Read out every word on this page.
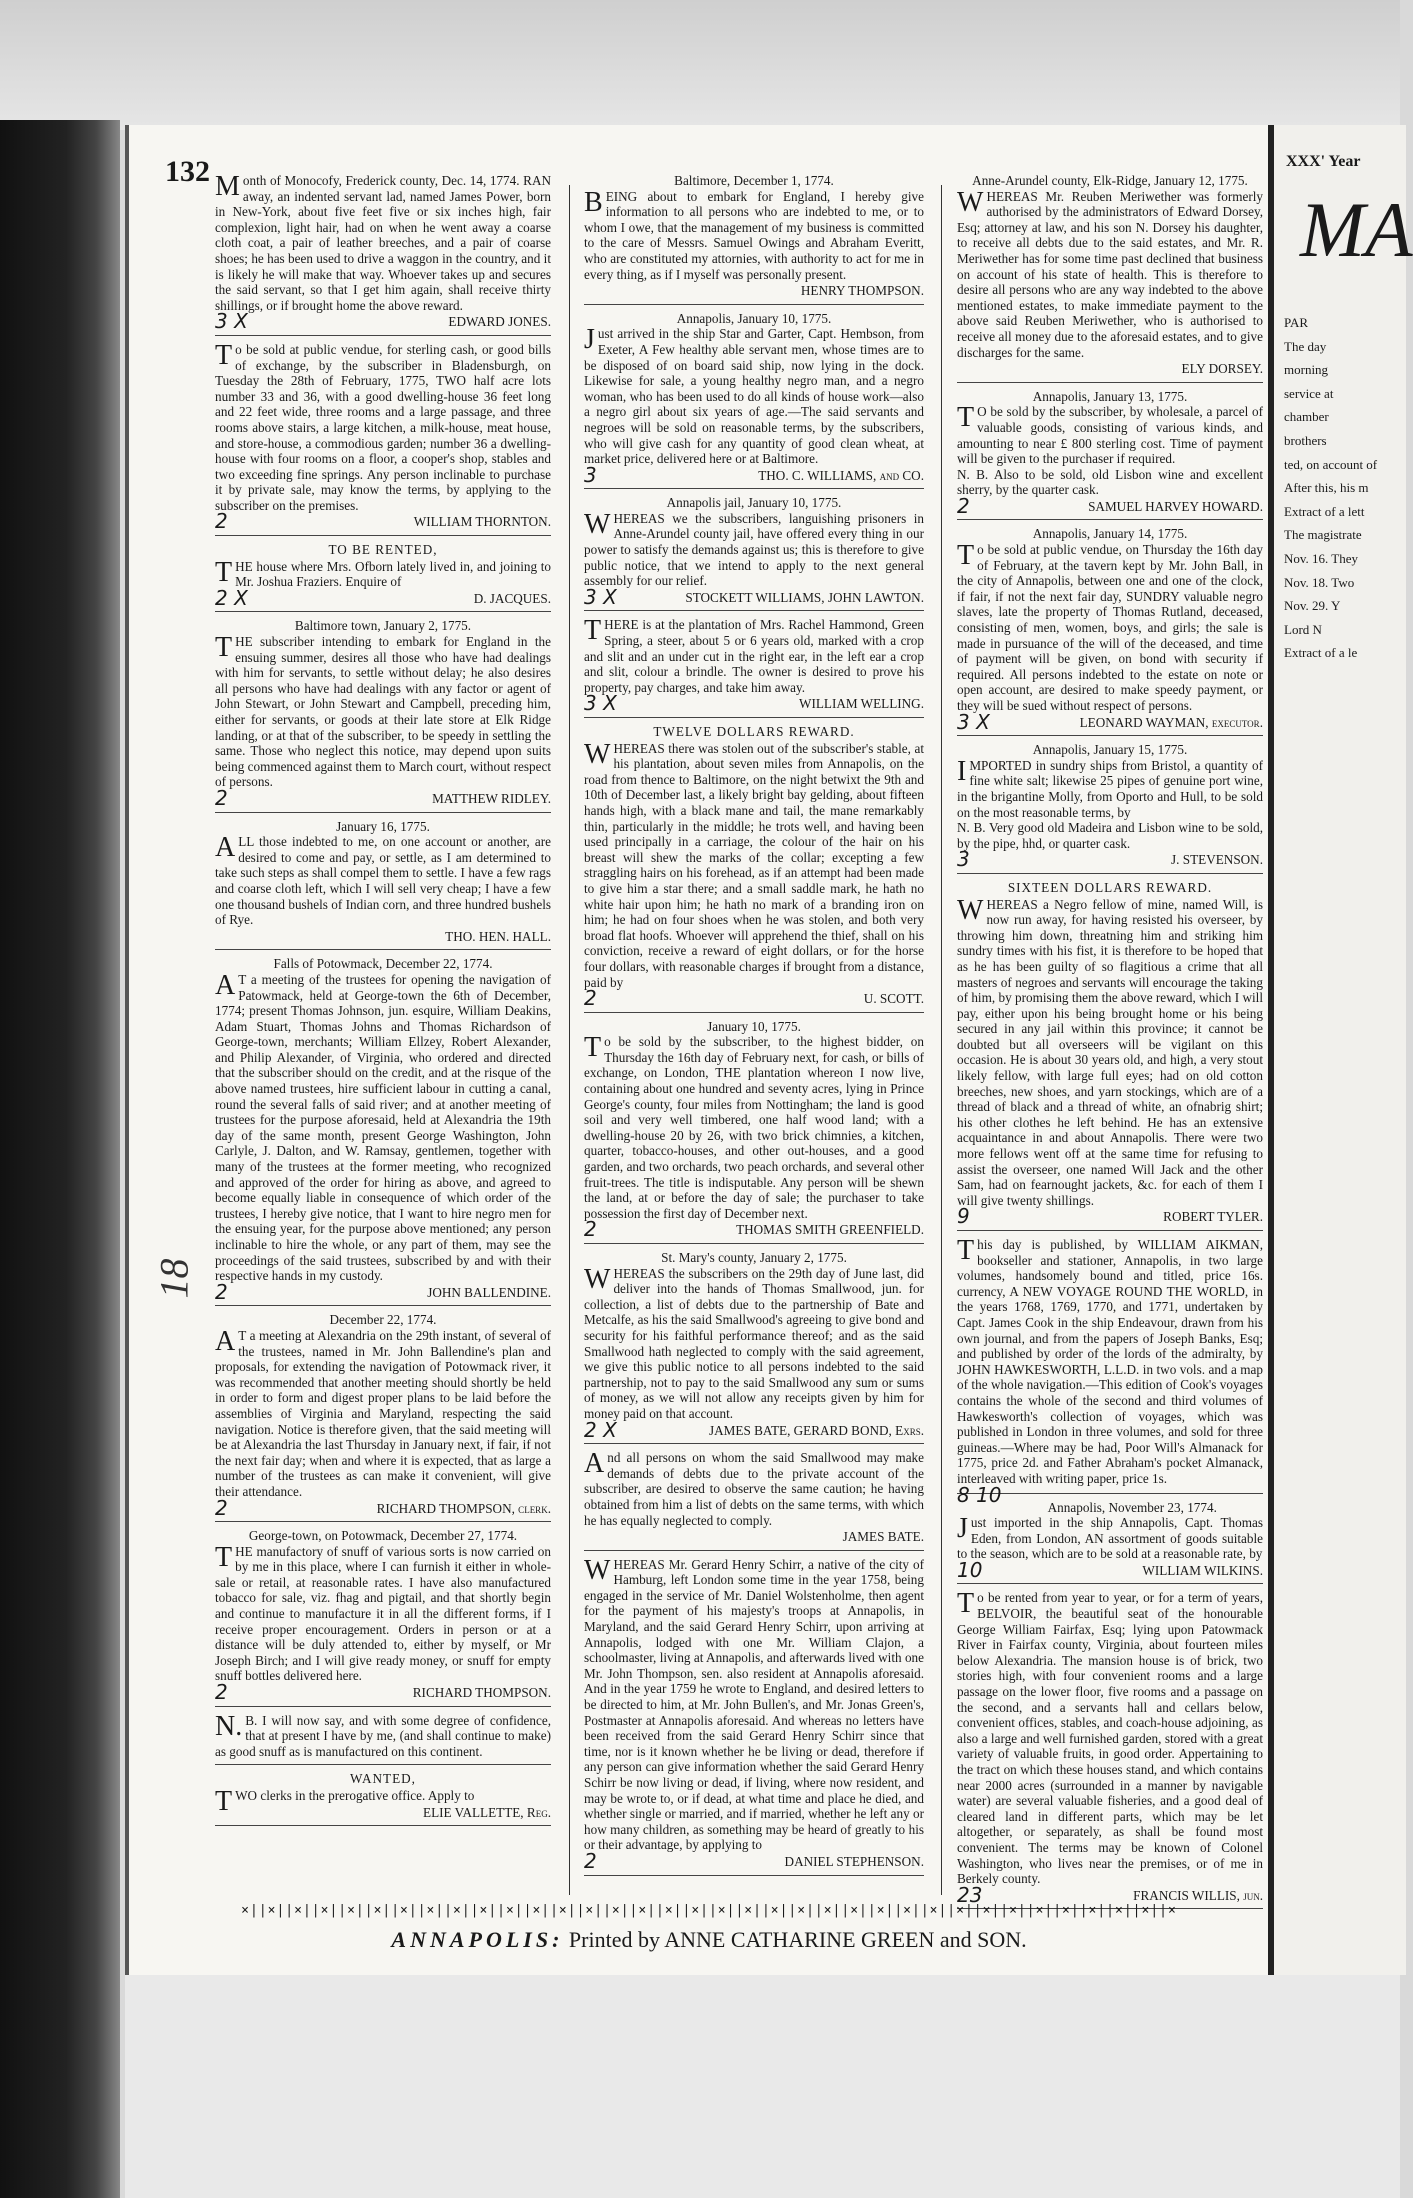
132
18

Month of Monocofy, Frederick county, Dec. 14, 1774. RAN away, an indented servant lad, named James Power, born in New-York, about five feet five or six inches high, fair complexion, light hair, had on when he went away a coarse cloth coat, a pair of leather breeches, and a pair of coarse shoes; he has been used to drive a waggon in the country, and it is likely he will make that way. Whoever takes up and secures the said servant, so that I get him again, shall receive thirty shillings, or if brought home the above reward.

3 X	EDWARD JONES.

To be sold at public vendue, for sterling cash, or good bills of exchange, by the subscriber in Bladensburgh, on Tuesday the 28th of February, 1775, TWO half acre lots number 33 and 36, with a good dwelling-house 36 feet long and 22 feet wide, three rooms and a large passage, and three rooms above stairs, a large kitchen, a milk-house, meat house, and store-house, a commodious garden; number 36 a dwelling-house with four rooms on a floor, a cooper's shop, stables and two exceeding fine springs. Any person inclinable to purchase it by private sale, may know the terms, by applying to the subscriber on the premises.

2	WILLIAM THORNTON.

TO BE RENTED,

THE house where Mrs. Ofborn lately lived in, and joining to Mr. Joshua Fraziers. Enquire of

2 X	D. JACQUES.

Baltimore town, January 2, 1775.

THE subscriber intending to embark for England in the ensuing summer, desires all those who have had dealings with him for servants, to settle without delay; he also desires all persons who have had dealings with any factor or agent of John Stewart, or John Stewart and Campbell, preceding him, either for servants, or goods at their late store at Elk Ridge landing, or at that of the subscriber, to be speedy in settling the same. Those who neglect this notice, may depend upon suits being commenced against them to March court, without respect of persons.

2	MATTHEW RIDLEY.

January 16, 1775.

ALL those indebted to me, on one account or another, are desired to come and pay, or settle, as I am determined to take such steps as shall compel them to settle. I have a few rags and coarse cloth left, which I will sell very cheap; I have a few one thousand bushels of Indian corn, and three hundred bushels of Rye.

THO. HEN. HALL.

Falls of Potowmack, December 22, 1774.

AT a meeting of the trustees for opening the navigation of Patowmack, held at George-town the 6th of December, 1774; present Thomas Johnson, jun. esquire, William Deakins, Adam Stuart, Thomas Johns and Thomas Richardson of George-town, merchants; William Ellzey, Robert Alexander, and Philip Alexander, of Virginia, who ordered and directed that the subscriber should on the credit, and at the risque of the above named trustees, hire sufficient labour in cutting a canal, round the several falls of said river; and at another meeting of trustees for the purpose aforesaid, held at Alexandria the 19th day of the same month, present George Washington, John Carlyle, J. Dalton, and W. Ramsay, gentlemen, together with many of the trustees at the former meeting, who recognized and approved of the order for hiring as above, and agreed to become equally liable in consequence of which order of the trustees, I hereby give notice, that I want to hire negro men for the ensuing year, for the purpose above mentioned; any person inclinable to hire the whole, or any part of them, may see the proceedings of the said trustees, subscribed by and with their respective hands in my custody.

2	JOHN BALLENDINE.

December 22, 1774.

AT a meeting at Alexandria on the 29th instant, of several of the trustees, named in Mr. John Ballendine's plan and proposals, for extending the navigation of Potowmack river, it was recommended that another meeting should shortly be held in order to form and digest proper plans to be laid before the assemblies of Virginia and Maryland, respecting the said navigation. Notice is therefore given, that the said meeting will be at Alexandria the last Thursday in January next, if fair, if not the next fair day; when and where it is expected, that as large a number of the trustees as can make it convenient, will give their attendance.

2	RICHARD THOMPSON, clerk.

George-town, on Potowmack, December 27, 1774.

THE manufactory of snuff of various sorts is now carried on by me in this place, where I can furnish it either in whole-sale or retail, at reasonable rates. I have also manufactured tobacco for sale, viz. fhag and pigtail, and that shortly begin and continue to manufacture it in all the different forms, if I receive proper encouragement. Orders in person or at a distance will be duly attended to, either by myself, or Mr Joseph Birch; and I will give ready money, or snuff for empty snuff bottles delivered here.

2	RICHARD THOMPSON.

N.B. I will now say, and with some degree of confidence, that at present I have by me, (and shall continue to make) as good snuff as is manufactured on this continent.

WANTED,

TWO clerks in the prerogative office. Apply to

ELIE VALLETTE, Reg.

Baltimore, December 1, 1774.

BEING about to embark for England, I hereby give information to all persons who are indebted to me, or to whom I owe, that the management of my business is committed to the care of Messrs. Samuel Owings and Abraham Everitt, who are constituted my attornies, with authority to act for me in every thing, as if I myself was personally present.

HENRY THOMPSON.

Annapolis, January 10, 1775.

Just arrived in the ship Star and Garter, Capt. Hembson, from Exeter, A Few healthy able servant men, whose times are to be disposed of on board said ship, now lying in the dock. Likewise for sale, a young healthy negro man, and a negro woman, who has been used to do all kinds of house work—also a negro girl about six years of age.—The said servants and negroes will be sold on reasonable terms, by the subscribers, who will give cash for any quantity of good clean wheat, at market price, delivered here or at Baltimore.

3	THO. C. WILLIAMS, and CO.

Annapolis jail, January 10, 1775.

WHEREAS we the subscribers, languishing prisoners in Anne-Arundel county jail, have offered every thing in our power to satisfy the demands against us; this is therefore to give public notice, that we intend to apply to the next general assembly for our relief.

3 X	STOCKETT WILLIAMS, JOHN LAWTON.

THERE is at the plantation of Mrs. Rachel Hammond, Green Spring, a steer, about 5 or 6 years old, marked with a crop and slit and an under cut in the right ear, in the left ear a crop and slit, colour a brindle. The owner is desired to prove his property, pay charges, and take him away.

3 X	WILLIAM WELLING.

TWELVE DOLLARS REWARD.

WHEREAS there was stolen out of the subscriber's stable, at his plantation, about seven miles from Annapolis, on the road from thence to Baltimore, on the night betwixt the 9th and 10th of December last, a likely bright bay gelding, about fifteen hands high, with a black mane and tail, the mane remarkably thin, particularly in the middle; he trots well, and having been used principally in a carriage, the colour of the hair on his breast will shew the marks of the collar; excepting a few straggling hairs on his forehead, as if an attempt had been made to give him a star there; and a small saddle mark, he hath no white hair upon him; he hath no mark of a branding iron on him; he had on four shoes when he was stolen, and both very broad flat hoofs. Whoever will apprehend the thief, shall on his conviction, receive a reward of eight dollars, or for the horse four dollars, with reasonable charges if brought from a distance, paid by

2	U. SCOTT.

January 10, 1775.

To be sold by the subscriber, to the highest bidder, on Thursday the 16th day of February next, for cash, or bills of exchange, on London, THE plantation whereon I now live, containing about one hundred and seventy acres, lying in Prince George's county, four miles from Nottingham; the land is good soil and very well timbered, one half wood land; with a dwelling-house 20 by 26, with two brick chimnies, a kitchen, quarter, tobacco-houses, and other out-houses, and a good garden, and two orchards, two peach orchards, and several other fruit-trees. The title is indisputable. Any person will be shewn the land, at or before the day of sale; the purchaser to take possession the first day of December next.

2	THOMAS SMITH GREENFIELD.

St. Mary's county, January 2, 1775.

WHEREAS the subscribers on the 29th day of June last, did deliver into the hands of Thomas Smallwood, jun. for collection, a list of debts due to the partnership of Bate and Metcalfe, as his the said Smallwood's agreeing to give bond and security for his faithful performance thereof; and as the said Smallwood hath neglected to comply with the said agreement, we give this public notice to all persons indebted to the said partnership, not to pay to the said Smallwood any sum or sums of money, as we will not allow any receipts given by him for money paid on that account.

2 X	JAMES BATE, GERARD BOND, Exrs.

And all persons on whom the said Smallwood may make demands of debts due to the private account of the subscriber, are desired to observe the same caution; he having obtained from him a list of debts on the same terms, with which he has equally neglected to comply.

JAMES BATE.

WHEREAS Mr. Gerard Henry Schirr, a native of the city of Hamburg, left London some time in the year 1758, being engaged in the service of Mr. Daniel Wolstenholme, then agent for the payment of his majesty's troops at Annapolis, in Maryland, and the said Gerard Henry Schirr, upon arriving at Annapolis, lodged with one Mr. William Clajon, a schoolmaster, living at Annapolis, and afterwards lived with one Mr. John Thompson, sen. also resident at Annapolis aforesaid. And in the year 1759 he wrote to England, and desired letters to be directed to him, at Mr. John Bullen's, and Mr. Jonas Green's, Postmaster at Annapolis aforesaid. And whereas no letters have been received from the said Gerard Henry Schirr since that time, nor is it known whether he be living or dead, therefore if any person can give information whether the said Gerard Henry Schirr be now living or dead, if living, where now resident, and may be wrote to, or if dead, at what time and place he died, and whether single or married, and if married, whether he left any or how many children, as something may be heard of greatly to his or their advantage, by applying to

2	DANIEL STEPHENSON.

Anne-Arundel county, Elk-Ridge, January 12, 1775.

WHEREAS Mr. Reuben Meriwether was formerly authorised by the administrators of Edward Dorsey, Esq; attorney at law, and his son N. Dorsey his daughter, to receive all debts due to the said estates, and Mr. R. Meriwether has for some time past declined that business on account of his state of health. This is therefore to desire all persons who are any way indebted to the above mentioned estates, to make immediate payment to the above said Reuben Meriwether, who is authorised to receive all money due to the aforesaid estates, and to give discharges for the same.

ELY DORSEY.

Annapolis, January 13, 1775.

TO be sold by the subscriber, by wholesale, a parcel of valuable goods, consisting of various kinds, and amounting to near £ 800 sterling cost. Time of payment will be given to the purchaser if required.

N. B. Also to be sold, old Lisbon wine and excellent sherry, by the quarter cask.

2	SAMUEL HARVEY HOWARD.

Annapolis, January 14, 1775.

To be sold at public vendue, on Thursday the 16th day of February, at the tavern kept by Mr. John Ball, in the city of Annapolis, between one and one of the clock, if fair, if not the next fair day, SUNDRY valuable negro slaves, late the property of Thomas Rutland, deceased, consisting of men, women, boys, and girls; the sale is made in pursuance of the will of the deceased, and time of payment will be given, on bond with security if required. All persons indebted to the estate on note or open account, are desired to make speedy payment, or they will be sued without respect of persons.

3 X	LEONARD WAYMAN, executor.

Annapolis, January 15, 1775.

IMPORTED in sundry ships from Bristol, a quantity of fine white salt; likewise 25 pipes of genuine port wine, in the brigantine Molly, from Oporto and Hull, to be sold on the most reasonable terms, by

N. B. Very good old Madeira and Lisbon wine to be sold, by the pipe, hhd, or quarter cask.

3	J. STEVENSON.

SIXTEEN DOLLARS REWARD.

WHEREAS a Negro fellow of mine, named Will, is now run away, for having resisted his overseer, by throwing him down, threatning him and striking him sundry times with his fist, it is therefore to be hoped that as he has been guilty of so flagitious a crime that all masters of negroes and servants will encourage the taking of him, by promising them the above reward, which I will pay, either upon his being brought home or his being secured in any jail within this province; it cannot be doubted but all overseers will be vigilant on this occasion. He is about 30 years old, and high, a very stout likely fellow, with large full eyes; had on old cotton breeches, new shoes, and yarn stockings, which are of a thread of black and a thread of white, an ofnabrig shirt; his other clothes he left behind. He has an extensive acquaintance in and about Annapolis. There were two more fellows went off at the same time for refusing to assist the overseer, one named Will Jack and the other Sam, had on fearnought jackets, &c. for each of them I will give twenty shillings.

9	ROBERT TYLER.

This day is published, by WILLIAM AIKMAN, bookseller and stationer, Annapolis, in two large volumes, handsomely bound and titled, price 16s. currency, A NEW VOYAGE ROUND THE WORLD, in the years 1768, 1769, 1770, and 1771, undertaken by Capt. James Cook in the ship Endeavour, drawn from his own journal, and from the papers of Joseph Banks, Esq; and published by order of the lords of the admiralty, by JOHN HAWKESWORTH, L.L.D. in two vols. and a map of the whole navigation.—This edition of Cook's voyages contains the whole of the second and third volumes of Hawkesworth's collection of voyages, which was published in London in three volumes, and sold for three guineas.—Where may be had, Poor Will's Almanack for 1775, price 2d. and Father Abraham's pocket Almanack, interleaved with writing paper, price 1s.

8 10

Annapolis, November 23, 1774.

Just imported in the ship Annapolis, Capt. Thomas Eden, from London, AN assortment of goods suitable to the season, which are to be sold at a reasonable rate, by

10	WILLIAM WILKINS.

To be rented from year to year, or for a term of years, BELVOIR, the beautiful seat of the honourable George William Fairfax, Esq; lying upon Patowmack River in Fairfax county, Virginia, about fourteen miles below Alexandria. The mansion house is of brick, two stories high, with four convenient rooms and a large passage on the lower floor, five rooms and a passage on the second, and a servants hall and cellars below, convenient offices, stables, and coach-house adjoining, as also a large and well furnished garden, stored with a great variety of valuable fruits, in good order. Appertaining to the tract on which these houses stand, and which contains near 2000 acres (surrounded in a manner by navigable water) are several valuable fisheries, and a good deal of cleared land in different parts, which may be let altogether, or separately, as shall be found most convenient. The terms may be known of Colonel Washington, who lives near the premises, or of me in Berkely county.

23	FRANCIS WILLIS, jun.

×||×||×||×||×||×||×||×||×||×||×||×||×||×||×||×||×||×||×||×||×||×||×||×||×||×||×||×||×||×||×||×||×||×||×||×
ANNAPOLIS: Printed by ANNE CATHARINE GREEN and SON.
XXX' Year
MA

PAR

The day

morning

service at

chamber

brothers

ted, on account of

After this, his m

Extract of a lett

The magistrate

Nov. 16. They

Nov. 18. Two

Nov. 29. Y

Lord N

Extract of a le
